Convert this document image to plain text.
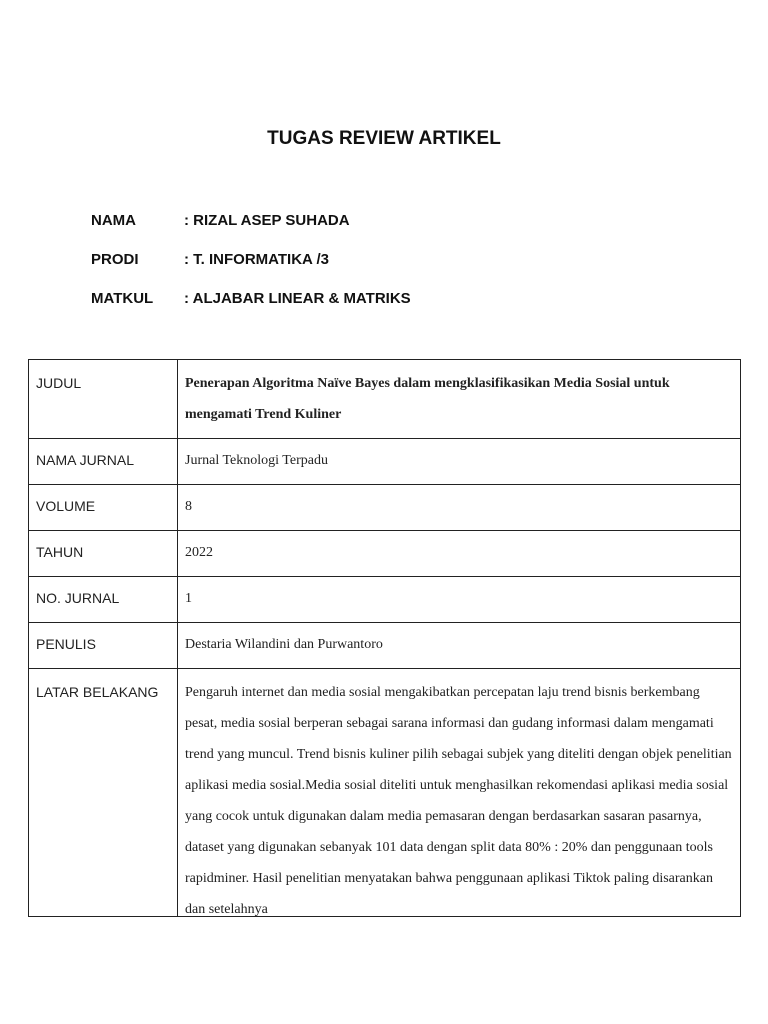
TUGAS REVIEW ARTIKEL
NAMA	: RIZAL ASEP SUHADA
PRODI	: T. INFORMATIKA /3
MATKUL	: ALJABAR LINEAR & MATRIKS
JUDUL	Penerapan Algoritma Naïve Bayes dalam mengklasifikasikan Media Sosial untuk mengamati Trend Kuliner
NAMA JURNAL	Jurnal Teknologi Terpadu
VOLUME	8
TAHUN	2022
NO. JURNAL	1
PENULIS	Destaria Wilandini dan Purwantoro
LATAR BELAKANG	Pengaruh internet dan media sosial mengakibatkan percepatan laju trend bisnis berkembang pesat, media sosial berperan sebagai sarana informasi dan gudang informasi dalam mengamati trend yang muncul. Trend bisnis kuliner pilih sebagai subjek yang diteliti dengan objek penelitian aplikasi media sosial.Media sosial diteliti untuk menghasilkan rekomendasi aplikasi media sosial yang cocok untuk digunakan dalam media pemasaran dengan berdasarkan sasaran pasarnya, dataset yang digunakan sebanyak 101 data dengan split data 80% : 20% dan penggunaan tools rapidminer. Hasil penelitian menyatakan bahwa penggunaan aplikasi Tiktok paling disarankan dan setelahnya
